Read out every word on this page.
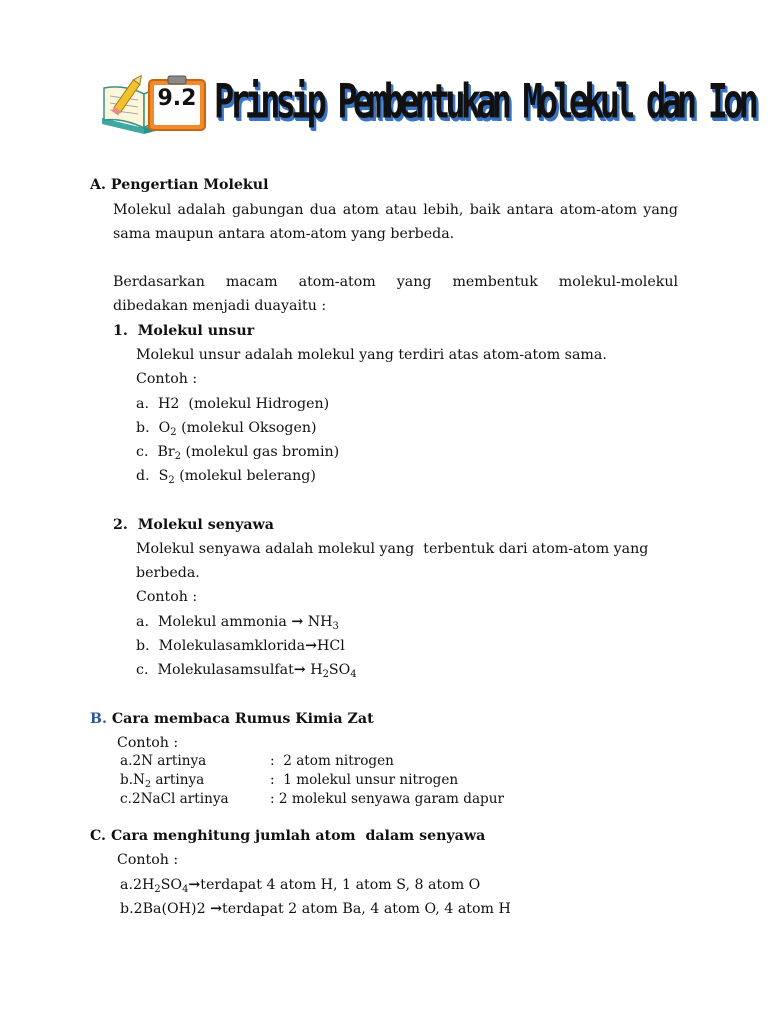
9.2 Prinsip Pembentukan Molekul dan Ion
A. Pengertian Molekul
Molekul adalah gabungan dua atom atau lebih, baik antara atom-atom yang
sama maupun antara atom-atom yang berbeda.
Berdasarkan macam atom-atom yang membentuk molekul-molekul
dibedakan menjadi duayaitu :
1. Molekul unsur
Molekul unsur adalah molekul yang terdiri atas atom-atom sama.
Contoh :
a. H2  (molekul Hidrogen)
b. $O_2$ (molekul Oksogen)
c. $Br_2$ (molekul gas bromin)
d. $S_2$ (molekul belerang)
2. Molekul senyawa
Molekul senyawa adalah molekul yang  terbentuk dari atom-atom yang
berbeda.
Contoh :
a. Molekul ammonia → $NH_3$
b. Molekulasamklorida→HCl
c. Molekulasamsulfat→ $H_2SO_4$
B. Cara membaca Rumus Kimia Zat
Contoh :
a.2N artinya	:  2 atom nitrogen
$b.N_2$ artinya	:  1 molekul unsur nitrogen
c.2NaCl artinya	: 2 molekul senyawa garam dapur
C. Cara menghitung jumlah atom  dalam senyawa
Contoh :
$a.2H_2SO_4\to terdapat$ 4 atom H, 1 atom S, 8 atom O
b.2Ba(OH)2 →terdapat 2 atom Ba, 4 atom O, 4 atom H
